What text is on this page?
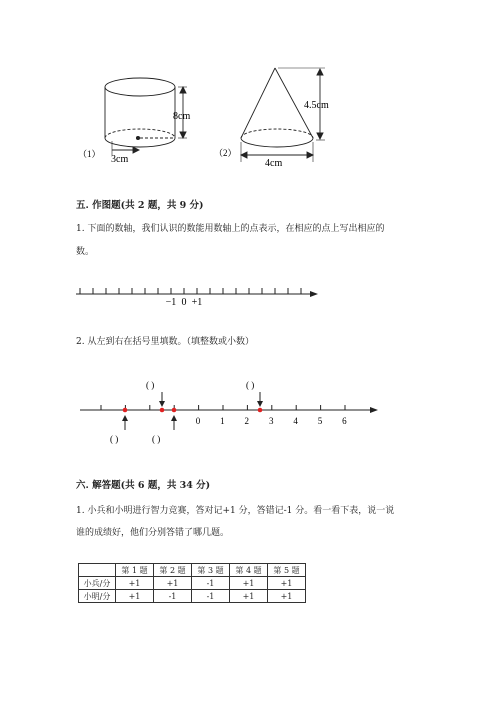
8cm
3cm
（1）
4.5cm
4cm
（2）
五. 作图题(共 2 题，共 9 分)
1. 下面的数轴，我们认识的数能用数轴上的点表示，在相应的点上写出相应的
数。
−1 0 +1
2. 从左到右在括号里填数。（填整数或小数）
0 1 2 3 4 5 6
( )	( )
( )	( )
六. 解答题(共 6 题，共 34 分)
1. 小兵和小明进行智力竞赛，答对记+1 分，答错记-1 分。看一看下表，说一说
谁的成绩好，他们分别答错了哪几题。
	第 1 题	第 2 题	第 3 题	第 4 题	第 5 题
小兵/分	+1	+1	-1	+1	+1
小明/分	+1	-1	-1	+1	+1
